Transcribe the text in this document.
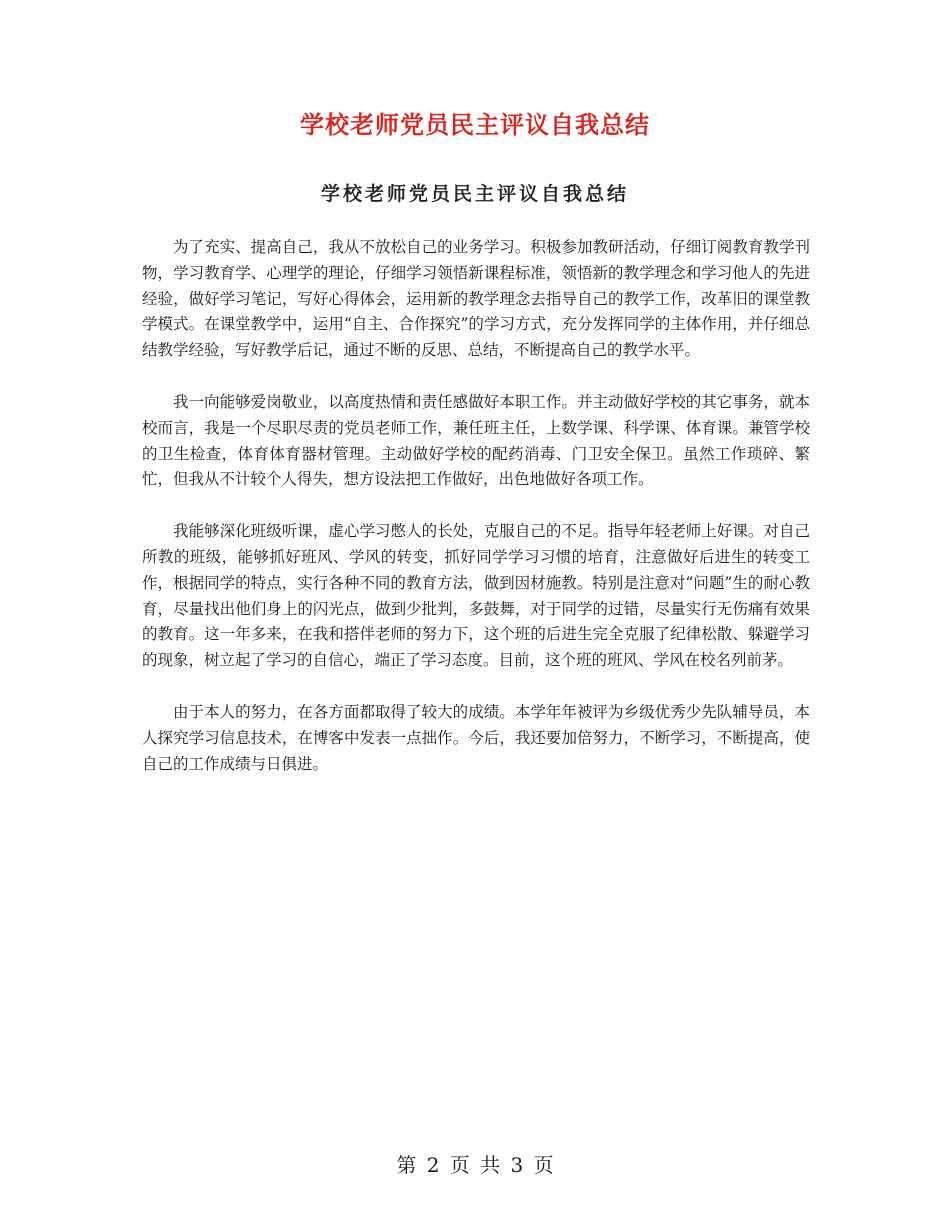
学校老师党员民主评议自我总结
学校老师党员民主评议自我总结

为了充实、提高自己，我从不放松自己的业务学习。积极参加教研活动，仔细订阅教育教学刊物，学习教育学、心理学的理论，仔细学习领悟新课程标准，领悟新的教学理念和学习他人的先进经验，做好学习笔记，写好心得体会，运用新的教学理念去指导自己的教学工作，改革旧的课堂教学模式。在课堂教学中，运用“自主、合作探究”的学习方式，充分发挥同学的主体作用，并仔细总结教学经验，写好教学后记，通过不断的反思、总结，不断提高自己的教学水平。

我一向能够爱岗敬业，以高度热情和责任感做好本职工作。并主动做好学校的其它事务，就本校而言，我是一个尽职尽责的党员老师工作，兼任班主任，上数学课、科学课、体育课。兼管学校的卫生检查，体育体育器材管理。主动做好学校的配药消毒、门卫安全保卫。虽然工作琐碎、繁忙，但我从不计较个人得失，想方设法把工作做好，出色地做好各项工作。

我能够深化班级听课，虚心学习憋人的长处，克服自己的不足。指导年轻老师上好课。对自己所教的班级，能够抓好班风、学风的转变，抓好同学学习习惯的培育，注意做好后进生的转变工作，根据同学的特点，实行各种不同的教育方法，做到因材施教。特别是注意对“问题”生的耐心教育，尽量找出他们身上的闪光点，做到少批判，多鼓舞，对于同学的过错，尽量实行无伤痛有效果的教育。这一年多来，在我和搭伴老师的努力下，这个班的后进生完全克服了纪律松散、躲避学习的现象，树立起了学习的自信心，端正了学习态度。目前，这个班的班风、学风在校名列前茅。

由于本人的努力，在各方面都取得了较大的成绩。本学年年被评为乡级优秀少先队辅导员，本人探究学习信息技术，在博客中发表一点拙作。今后，我还要加倍努力，不断学习，不断提高，使自己的工作成绩与日俱进。

第 2 页 共 3 页
